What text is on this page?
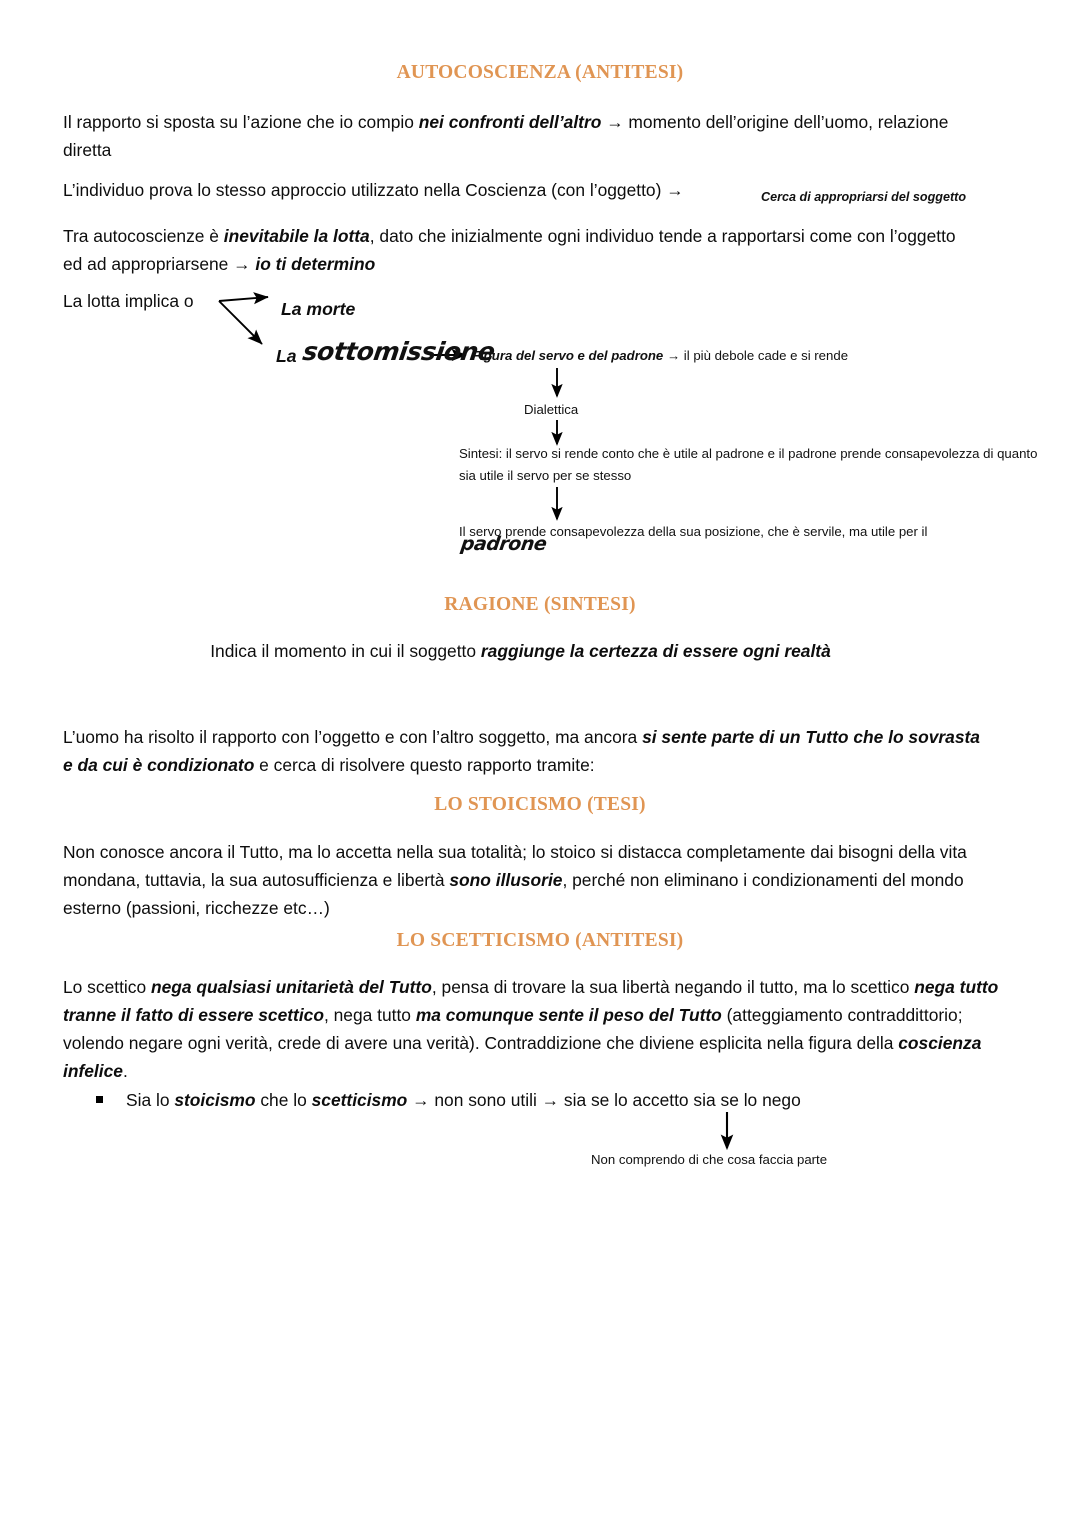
AUTOCOSCIENZA (ANTITESI)
Il rapporto si sposta su l’azione che io compio nei confronti dell’altro → momento dell’origine dell’uomo, relazione diretta
L’individuo prova lo stesso approccio utilizzato nella Coscienza (con l’oggetto) →	Cerca di appropriarsi del soggetto
Tra autocoscienze è inevitabile la lotta, dato che inizialmente ogni individuo tende a rapportarsi come con l’oggetto ed ad appropriarsene → io ti determino
La lotta implica o	La morte
La sottomissione
Figura del servo e del padrone → il più debole cade e si rende
Dialettica
Sintesi: il servo si rende conto che è utile al padrone e il padrone prende consapevolezza di quanto sia utile il servo per se stesso
Il servo prende consapevolezza della sua posizione, che è servile, ma utile per il
padrone
RAGIONE (SINTESI)
Indica il momento in cui il soggetto raggiunge la certezza di essere ogni realtà
L’uomo ha risolto il rapporto con l’oggetto e con l’altro soggetto, ma ancora si sente parte di un Tutto che lo sovrasta e da cui è condizionato e cerca di risolvere questo rapporto tramite:
LO STOICISMO (TESI)
Non conosce ancora il Tutto, ma lo accetta nella sua totalità; lo stoico si distacca completamente dai bisogni della vita mondana, tuttavia, la sua autosufficienza e libertà sono illusorie, perché non eliminano i condizionamenti del mondo esterno (passioni, ricchezze etc…)
LO SCETTICISMO (ANTITESI)
Lo scettico nega qualsiasi unitarietà del Tutto, pensa di trovare la sua libertà negando il tutto, ma lo scettico nega tutto tranne il fatto di essere scettico, nega tutto ma comunque sente il peso del Tutto (atteggiamento contraddittorio; volendo negare ogni verità, crede di avere una verità). Contraddizione che diviene esplicita nella figura della coscienza infelice.
Sia lo stoicismo che lo scetticismo → non sono utili → sia se lo accetto sia se lo nego
Non comprendo di che cosa faccia parte
